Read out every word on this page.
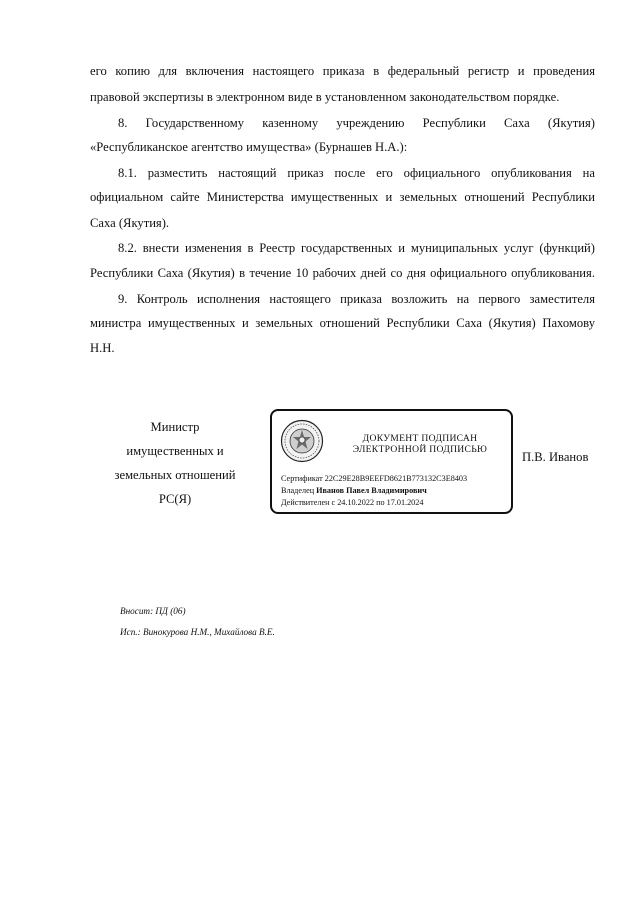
его копию для включения настоящего приказа в федеральный регистр и проведения

правовой экспертизы в электронном виде в установленном законодательством порядке.

8. Государственному казенному учреждению Республики Саха (Якутия)

«Республиканское агентство имущества» (Бурнашев Н.А.):

8.1. разместить настоящий приказ после его официального опубликования на

официальном сайте Министерства имущественных и земельных отношений Республики

Саха (Якутия).

8.2. внести изменения в Реестр государственных и муниципальных услуг (функций)

Республики Саха (Якутия) в течение 10 рабочих дней со дня официального опубликования.

9. Контроль исполнения настоящего приказа возложить на первого заместителя

министра имущественных и земельных отношений Республики Саха (Якутия) Пахомову

Н.Н.

Министр
имущественных и
земельных отношений
РС(Я)
ДОКУМЕНТ ПОДПИСАН
ЭЛЕКТРОННОЙ ПОДПИСЬЮ
Сертификат 22C29E28B9EEFD8621B773132C3E8403
Владелец Иванов Павел Владимирович
Действителен с 24.10.2022 по 17.01.2024
П.В. Иванов
Вносит: ПД (06)
Исп.: Винокурова Н.М., Михайлова В.Е.
